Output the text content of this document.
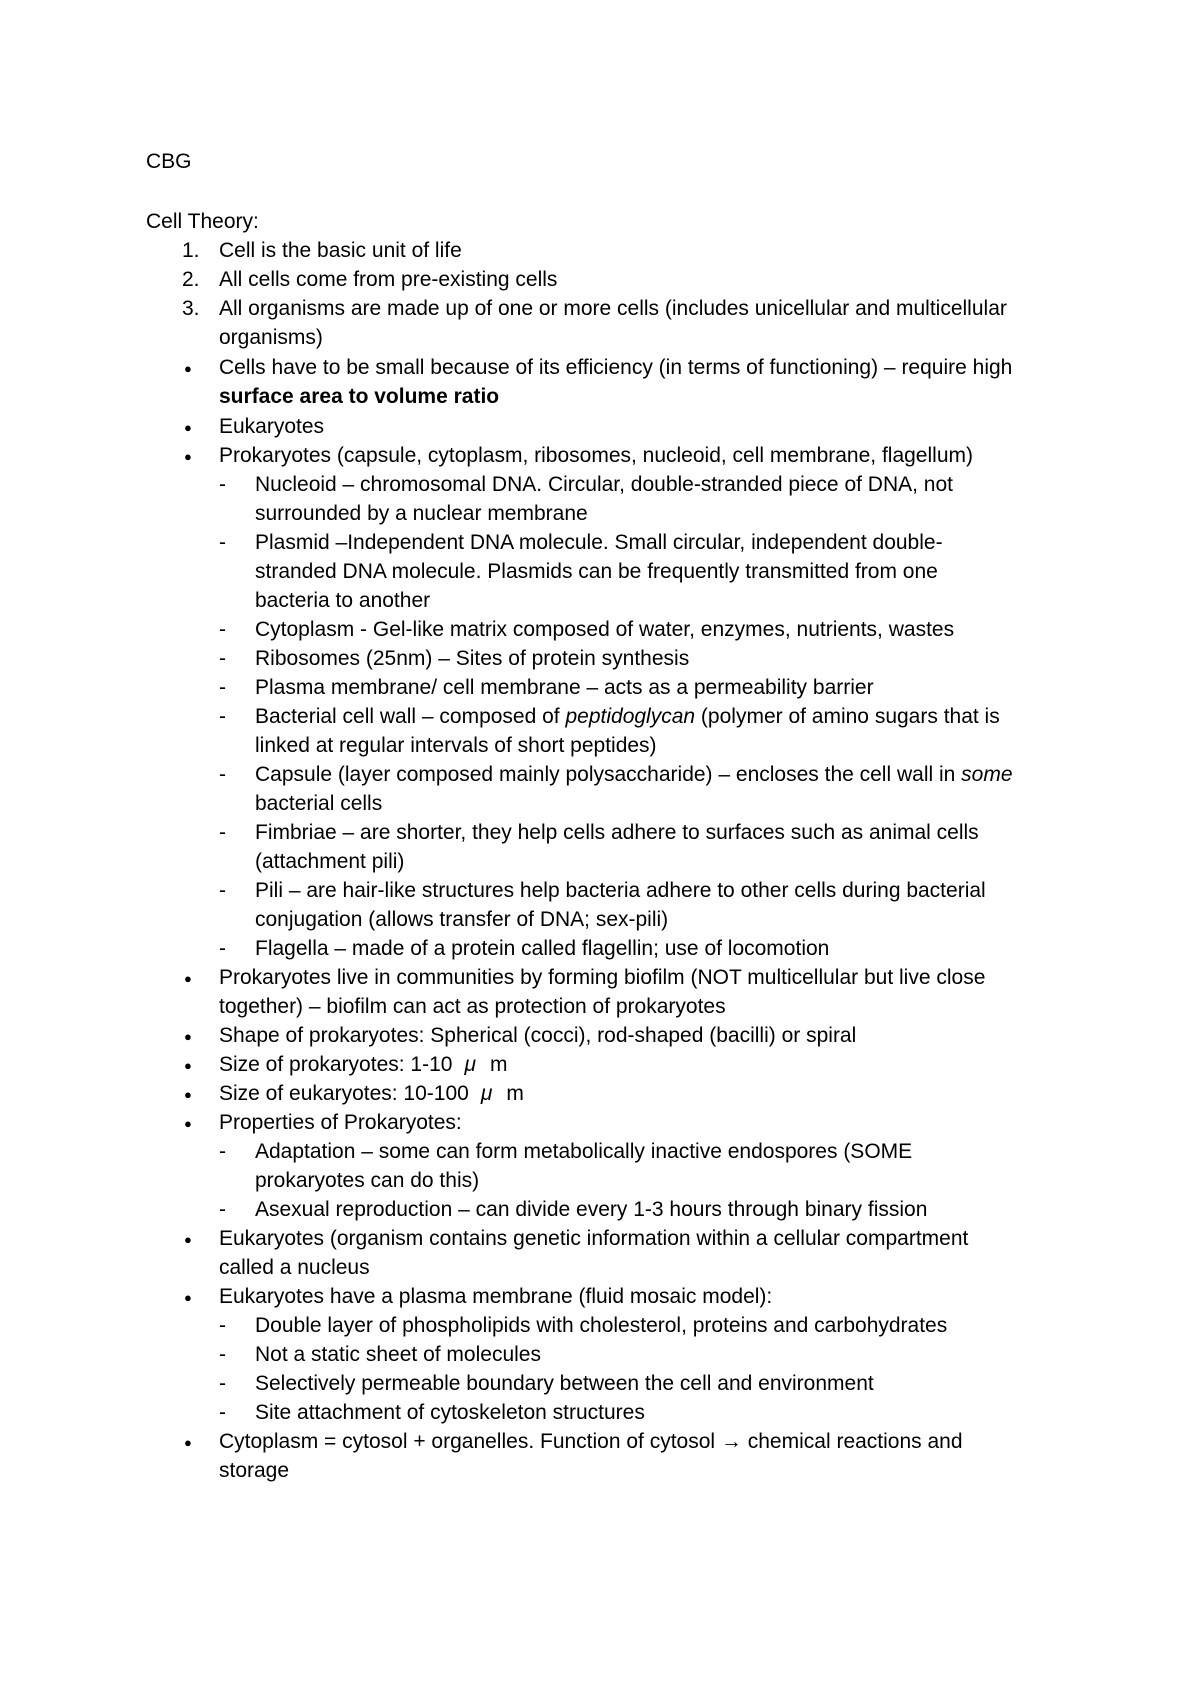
CBG
Cell Theory:
1. Cell is the basic unit of life
2. All cells come from pre-existing cells
3. All organisms are made up of one or more cells (includes unicellular and multicellular
organisms)
● Cells have to be small because of its efficiency (in terms of functioning) – require high
surface area to volume ratio
● Eukaryotes
● Prokaryotes (capsule, cytoplasm, ribosomes, nucleoid, cell membrane, flagellum)
- Nucleoid – chromosomal DNA. Circular, double-stranded piece of DNA, not
surrounded by a nuclear membrane
- Plasmid –Independent DNA molecule. Small circular, independent double-
stranded DNA molecule. Plasmids can be frequently transmitted from one
bacteria to another
- Cytoplasm - Gel-like matrix composed of water, enzymes, nutrients, wastes
- Ribosomes (25nm) – Sites of protein synthesis
- Plasma membrane/ cell membrane – acts as a permeability barrier
- Bacterial cell wall – composed of peptidoglycan (polymer of amino sugars that is
linked at regular intervals of short peptides)
- Capsule (layer composed mainly polysaccharide) – encloses the cell wall in some
bacterial cells
- Fimbriae – are shorter, they help cells adhere to surfaces such as animal cells
(attachment pili)
- Pili – are hair-like structures help bacteria adhere to other cells during bacterial
conjugation (allows transfer of DNA; sex-pili)
- Flagella – made of a protein called flagellin; use of locomotion
● Prokaryotes live in communities by forming biofilm (NOT multicellular but live close
together) – biofilm can act as protection of prokaryotes
● Shape of prokaryotes: Spherical (cocci), rod-shaped (bacilli) or spiral
● Size of prokaryotes: 1-10 μ m
● Size of eukaryotes: 10-100 μ m
● Properties of Prokaryotes:
- Adaptation – some can form metabolically inactive endospores (SOME
prokaryotes can do this)
- Asexual reproduction – can divide every 1-3 hours through binary fission
● Eukaryotes (organism contains genetic information within a cellular compartment
called a nucleus
● Eukaryotes have a plasma membrane (fluid mosaic model):
- Double layer of phospholipids with cholesterol, proteins and carbohydrates
- Not a static sheet of molecules
- Selectively permeable boundary between the cell and environment
- Site attachment of cytoskeleton structures
● Cytoplasm = cytosol + organelles. Function of cytosol → chemical reactions and
storage
